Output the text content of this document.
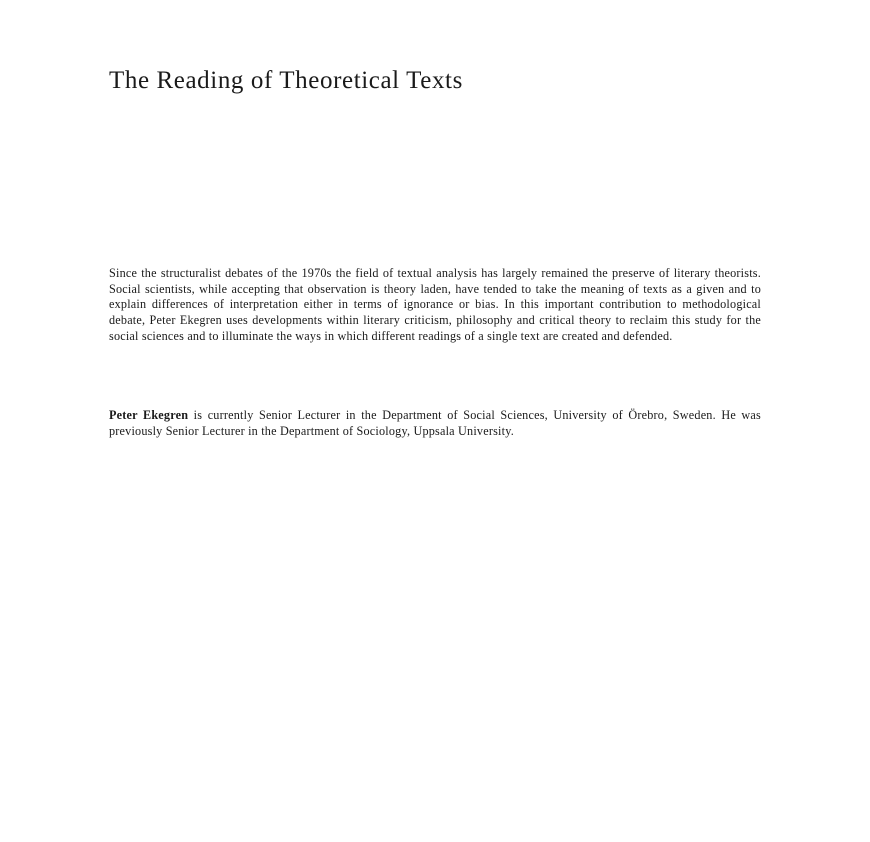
The Reading of Theoretical Texts

Since the structuralist debates of the 1970s the field of textual analysis has largely remained the preserve of literary theorists. Social scientists, while accepting that observation is theory laden, have tended to take the meaning of texts as a given and to explain differences of interpretation either in terms of ignorance or bias. In this important contribution to methodological debate, Peter Ekegren uses developments within literary criticism, philosophy and critical theory to reclaim this study for the social sciences and to illuminate the ways in which different readings of a single text are created and defended.

Peter Ekegren is currently Senior Lecturer in the Department of Social Sciences, University of Örebro, Sweden. He was previously Senior Lecturer in the Department of Sociology, Uppsala University.
